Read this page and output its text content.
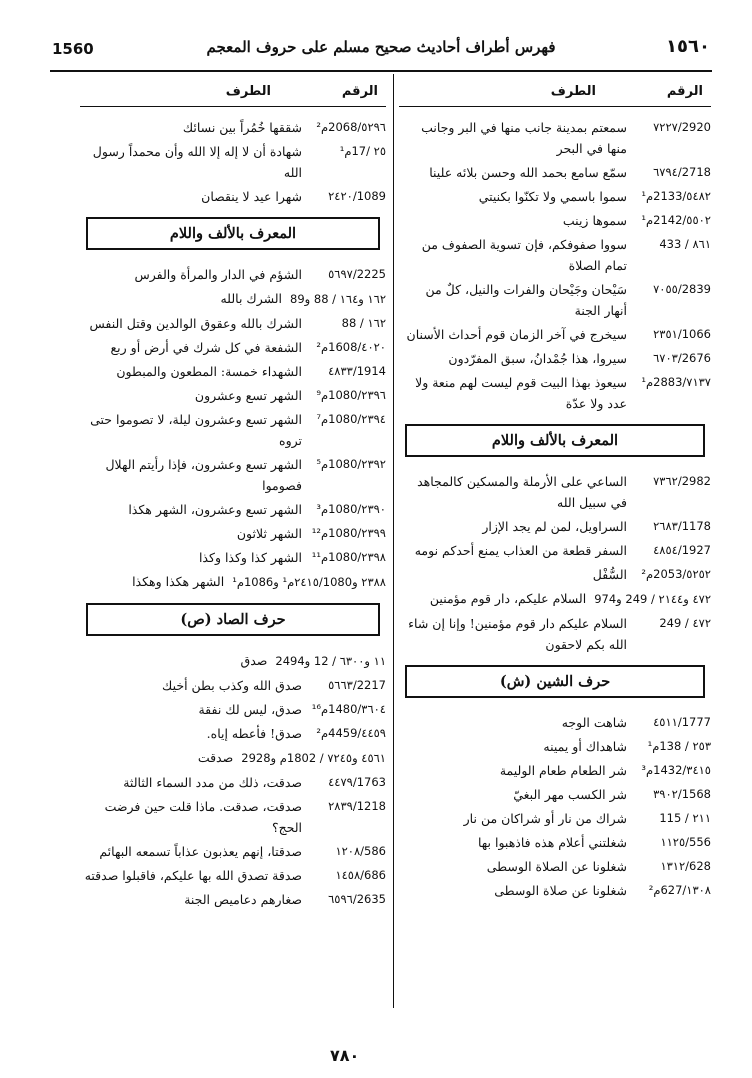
١٥٦٠
فهرس أطراف أحاديث صحيح مسلم على حروف المعجم
1560
الرقم
الطرف
2920/٧٢٢٧
سمعتم بمدينة جانب منها في البر وجانب منها في البحر
2718/٦٧٩٤
سمّع سامع بحمد الله وحسن بلائه علينا
٥٤٨٢/2133م¹
سموا باسمي ولا تكنّوا بكنيتي
٥٥٠٢/2142م¹
سموها زينب
٨٦١ / 433
سووا صفوفكم، فإن تسوية الصفوف من تمام الصلاة
2839/٧٠٥٥
سَيْحان وجَيْحان والفرات والنيل، كلٌ من أنهار الجنة
1066/٢٣٥١
سيخرج في آخر الزمان قوم أحداث الأسنان
2676/٦٧٠٣
سيروا، هذا جُمْدانُ، سبق المفرّدون
٧١٣٧/2883م¹
سيعوذ بهذا البيت قوم ليست لهم منعة ولا عدد ولا عدّة
المعرف بالألف واللام
2982/٧٣٦٢
الساعي على الأرملة والمسكين كالمجاهد في سبيل الله
1178/٢٦٨٣
السراويل، لمن لم يجد الإزار
1927/٤٨٥٤
السفر قطعة من العذاب يمنع أحدكم نومه
٥٢٥٢/2053م²
السُّفْل
٤٧٢ و٢١٤٤ / 249 و974السلام عليكم، دار قوم مؤمنين
٤٧٢ / 249
السلام عليكم دار قوم مؤمنين! وإنا إن شاء الله بكم لاحقون
حرف الشين (ش)
1777/٤٥١١
شاهت الوجه
٢٥٣ / 138م¹
شاهداك أو يمينه
٣٤١٥/1432م³
شر الطعام طعام الوليمة
1568/٣٩٠٢
شر الكسب مهر البغيّ
٢١١ / 115
شراك من نار أو شراكان من نار
556/١١٢٥
شغلتني أعلام هذه فاذهبوا بها
628/١٣١٢
شغلونا عن الصلاة الوسطى
١٣٠٨/627م²
شغلونا عن صلاة الوسطى
الرقم
الطرف
٥٢٩٦/2068م²
شققها خُمُراً بين نسائك
٢٥ /17م¹
شهادة أن لا إله إلا الله وأن محمداً رسول الله
1089/٢٤٢٠
شهرا عيد لا ينقصان
المعرف بالألف واللام
2225/٥٦٩٧
الشؤم في الدار والمرأة والفرس
١٦٢ و١٦٤ / 88 و89الشرك بالله
١٦٢ / 88
الشرك بالله وعقوق الوالدين وقتل النفس
٤٠٢٠/1608م²
الشفعة في كل شرك في أرض أو ربع
1914/٤٨٣٣
الشهداء خمسة: المطعون والمبطون
٢٣٩٦/1080م⁹
الشهر تسع وعشرون
٢٣٩٤/1080م⁷
الشهر تسع وعشرون ليلة، لا تصوموا حتى تروه
٢٣٩٢/1080م⁵
الشهر تسع وعشرون، فإذا رأيتم الهلال فصوموا
٢٣٩٠/1080م³
الشهر تسع وعشرون، الشهر هكذا
٢٣٩٩/1080م¹²
الشهر ثلاثون
٢٣٩٨/1080م¹¹
الشهر كذا وكذا وكذا
٢٣٨٨ و٢٤١٥/1080م¹ و1086م¹الشهر هكذا وهكذا
حرف الصاد (ص)
١١ و٦٣٠٠ / 12 و2494صدق
2217/٥٦٦٣
صدق الله وكذب بطن أخيك
٣٦٠٤/1480م¹⁶
صدق، ليس لك نفقة
٤٤٥٩/4459م²
صدق! فأعطه إياه.
٤٥٦١ و٧٢٤٥ / 1802م و2928صدقت
1763/٤٤٧٩
صدقت، ذلك من مدد السماء الثالثة
1218/٢٨٣٩
صدقت، صدقت. ماذا قلت حين فرضت الحج؟
586/١٢٠٨
صدقتا، إنهم يعذبون عذاباً تسمعه البهائم
686/١٤٥٨
صدقة تصدق الله بها عليكم، فاقبلوا صدقته
2635/٦٥٩٦
صغارهم دعاميص الجنة
٧٨٠
